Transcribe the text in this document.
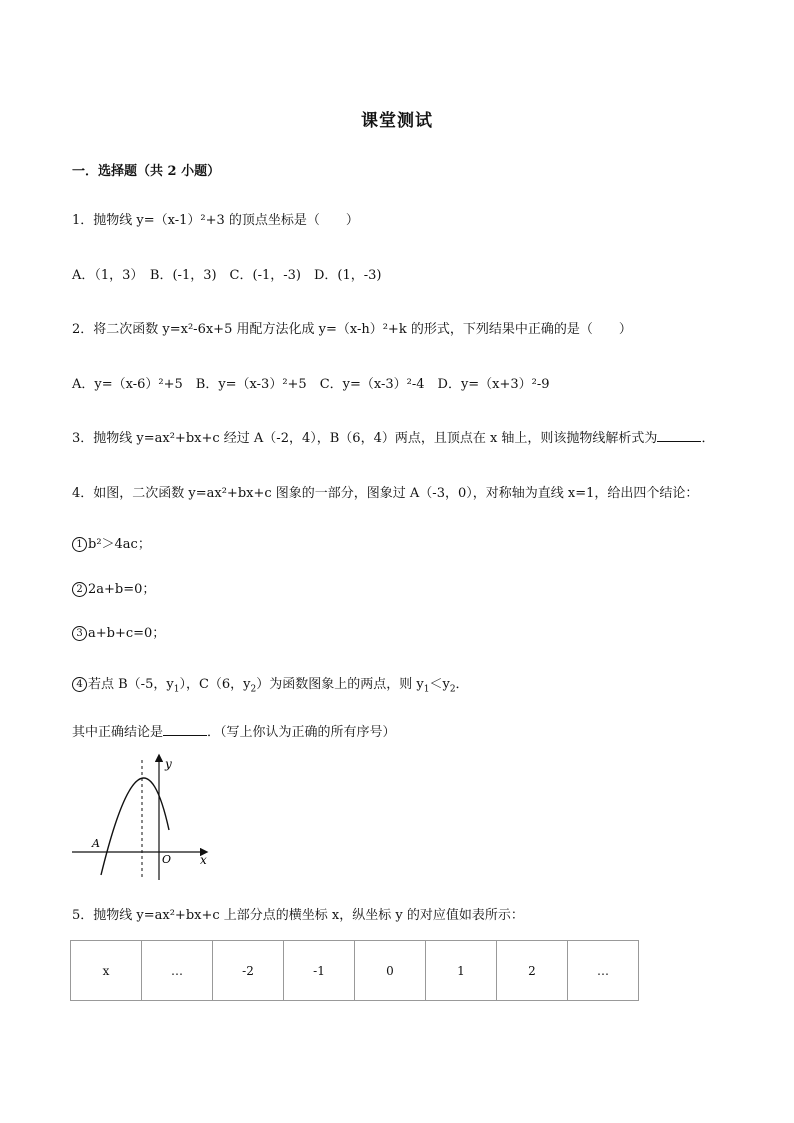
课堂测试
一．选择题（共 2 小题）
1．抛物线 y=（x-1）²+3 的顶点坐标是（　　）
A．（1，3）　B．(-1，3)　C．(-1，-3)　D．(1，-3)
2．将二次函数 y=x²-6x+5 用配方法化成 y=（x-h）²+k 的形式，下列结果中正确的是（　　）
A．y=（x-6）²+5　B．y=（x-3）²+5　C．y=（x-3）²-4　D．y=（x+3）²-9
3．抛物线 y=ax²+bx+c 经过 A（-2，4），B（6，4）两点，且顶点在 x 轴上，则该抛物线解析式为	．
4．如图，二次函数 y=ax²+bx+c 图象的一部分，图象过 A（-3，0），对称轴为直线 x=1，给出四个结论：
1 b²＞4ac；
2 2a+b=0；
3 a+b+c=0；
4 若点 B（-5，$y_1$），C（6，$y_2$）为函数图象上的两点，则 $y_1<y_2$．
其中正确结论是	．（写上你认为正确的所有序号）
y
x
O
A
5．抛物线 y=ax²+bx+c 上部分点的横坐标 x，纵坐标 y 的对应值如表所示：
x	…	-2	-1	0	1	2	…
